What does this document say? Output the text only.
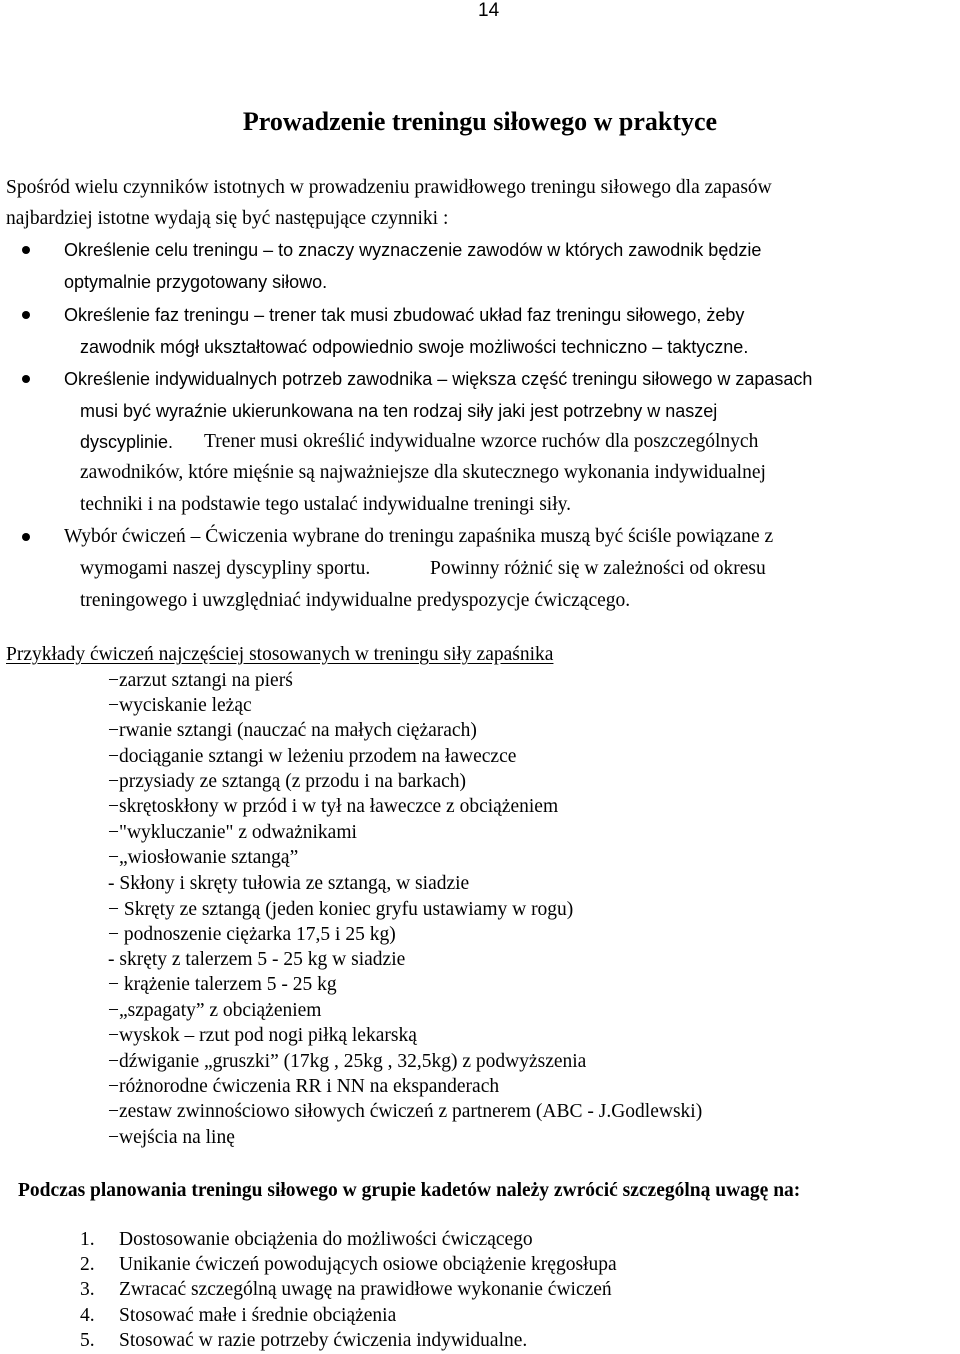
14
Prowadzenie treningu siłowego w praktyce
Spośród wielu czynników istotnych w prowadzeniu prawidłowego treningu siłowego dla zapasów
najbardziej istotne wydają się być następujące czynniki :
Określenie celu treningu – to znaczy wyznaczenie zawodów w których zawodnik będzie
optymalnie przygotowany siłowo.
Określenie faz treningu – trener tak musi zbudować układ faz treningu siłowego, żeby
zawodnik mógł ukształtować odpowiednio swoje możliwości techniczno – taktyczne.
Określenie indywidualnych potrzeb zawodnika – większa część treningu siłowego w zapasach
musi być wyraźnie ukierunkowana na ten rodzaj siły jaki jest potrzebny w naszej
dyscyplinie. Trener musi określić indywidualne wzorce ruchów dla poszczególnych
zawodników, które mięśnie są najważniejsze dla skutecznego wykonania indywidualnej
techniki i na podstawie tego ustalać indywidualne treningi siły.
Wybór ćwiczeń – Ćwiczenia wybrane do treningu zapaśnika muszą być ściśle powiązane z
wymogami naszej dyscypliny sportu.	Powinny różnić się w zależności od okresu
treningowego i uwzględniać indywidualne predyspozycje ćwiczącego.
Przykłady ćwiczeń najczęściej stosowanych w treningu siły zapaśnika
−zarzut sztangi na pierś
−wyciskanie leżąc
−rwanie sztangi (nauczać na małych ciężarach)
−dociąganie sztangi w leżeniu przodem na ławeczce
−przysiady ze sztangą (z przodu i na barkach)
−skrętoskłony w przód i w tył na ławeczce z obciążeniem
−"wykluczanie" z odważnikami
−„wiosłowanie sztangą”
- Skłony i skręty tułowia ze sztangą, w siadzie
− Skręty ze sztangą (jeden koniec gryfu ustawiamy w rogu)
− podnoszenie ciężarka 17,5 i 25 kg)
- skręty z talerzem 5 - 25 kg w siadzie
− krążenie talerzem 5 - 25 kg
−„szpagaty” z obciążeniem
−wyskok – rzut pod nogi piłką lekarską
−dźwiganie „gruszki” (17kg , 25kg , 32,5kg) z podwyższenia
−różnorodne ćwiczenia RR i NN na ekspanderach
−zestaw zwinnościowo siłowych ćwiczeń z partnerem (ABC - J.Godlewski)
−wejścia na linę
Podczas planowania treningu siłowego w grupie kadetów należy zwrócić szczególną uwagę na:
1. Dostosowanie obciążenia do możliwości ćwiczącego
2. Unikanie ćwiczeń powodujących osiowe obciążenie kręgosłupa
3. Zwracać szczególną uwagę na prawidłowe wykonanie ćwiczeń
4. Stosować małe i średnie obciążenia
5. Stosować w razie potrzeby ćwiczenia indywidualne.
